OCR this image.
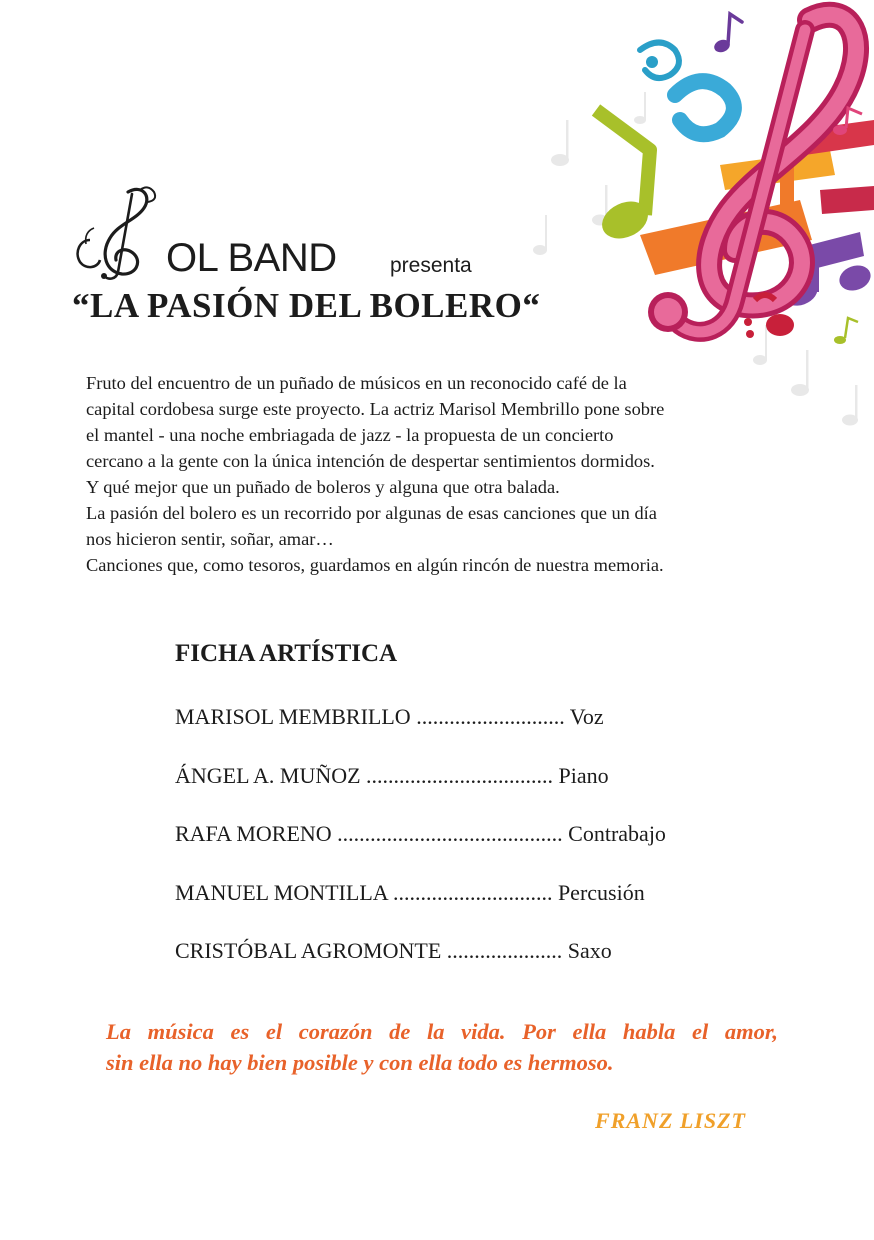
OL BAND	presenta
“LA PASIÓN DEL BOLERO“

Fruto del encuentro de un puñado de músicos en un reconocido café de la

capital cordobesa surge este proyecto. La actriz Marisol Membrillo pone sobre

el mantel - una noche embriagada de jazz - la propuesta de un concierto

cercano a la gente con la única intención de despertar sentimientos dormidos.

Y qué mejor que un puñado de boleros y alguna que otra balada.

La pasión del bolero es un recorrido por algunas de esas canciones que un día

nos hicieron sentir, soñar, amar…

Canciones que, como tesoros, guardamos en algún rincón de nuestra memoria.

FICHA ARTÍSTICA
MARISOL MEMBRILLO ........................... Voz
ÁNGEL A. MUÑOZ .................................. Piano
RAFA MORENO ......................................... Contrabajo
MANUEL MONTILLA ............................. Percusión
CRISTÓBAL AGROMONTE ..................... Saxo

La música es el corazón de la vida. Por ella habla el amor,

sin ella no hay bien posible y con ella todo es hermoso.

FRANZ LISZT
